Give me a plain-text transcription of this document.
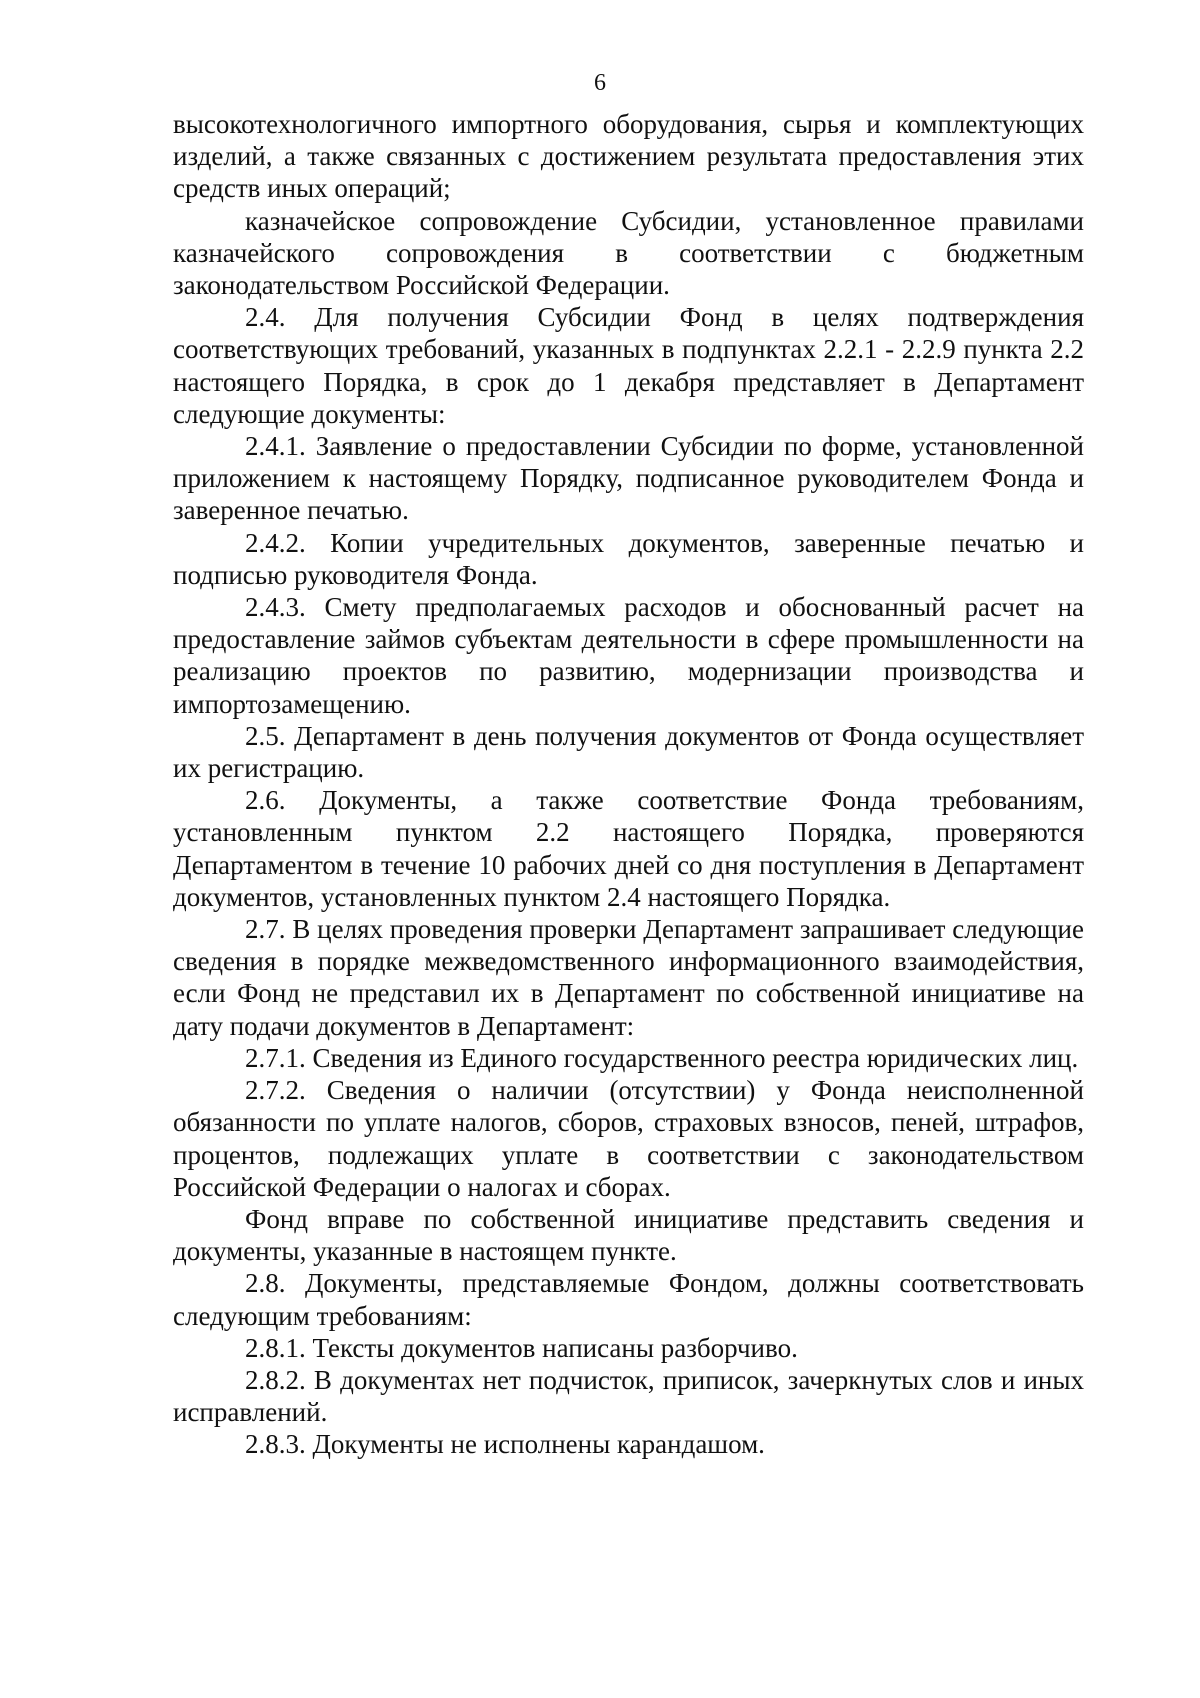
6

высокотехнологичного импортного оборудования, сырья и комплектующих изделий, а также связанных с достижением результата предоставления этих средств иных операций;

казначейское сопровождение Субсидии, установленное правилами казначейского сопровождения в соответствии с бюджетным законодательством Российской Федерации.

2.4. Для получения Субсидии Фонд в целях подтверждения соответствующих требований, указанных в подпунктах 2.2.1 - 2.2.9 пункта 2.2 настоящего Порядка, в срок до 1 декабря представляет в Департамент следующие документы:

2.4.1. Заявление о предоставлении Субсидии по форме, установленной приложением к настоящему Порядку, подписанное руководителем Фонда и заверенное печатью.

2.4.2. Копии учредительных документов, заверенные печатью и подписью руководителя Фонда.

2.4.3. Смету предполагаемых расходов и обоснованный расчет на предоставление займов субъектам деятельности в сфере промышленности на реализацию проектов по развитию, модернизации производства и импортозамещению.

2.5. Департамент в день получения документов от Фонда осуществляет их регистрацию.

2.6. Документы, а также соответствие Фонда требованиям, установленным пунктом 2.2 настоящего Порядка, проверяются Департаментом в течение 10 рабочих дней со дня поступления в Департамент документов, установленных пунктом 2.4 настоящего Порядка.

2.7. В целях проведения проверки Департамент запрашивает следующие сведения в порядке межведомственного информационного взаимодействия, если Фонд не представил их в Департамент по собственной инициативе на дату подачи документов в Департамент:

2.7.1. Сведения из Единого государственного реестра юридических лиц.

2.7.2. Сведения о наличии (отсутствии) у Фонда неисполненной обязанности по уплате налогов, сборов, страховых взносов, пеней, штрафов, процентов, подлежащих уплате в соответствии с законодательством Российской Федерации о налогах и сборах.

Фонд вправе по собственной инициативе представить сведения и документы, указанные в настоящем пункте.

2.8. Документы, представляемые Фондом, должны соответствовать следующим требованиям:

2.8.1. Тексты документов написаны разборчиво.

2.8.2. В документах нет подчисток, приписок, зачеркнутых слов и иных исправлений.

2.8.3. Документы не исполнены карандашом.
